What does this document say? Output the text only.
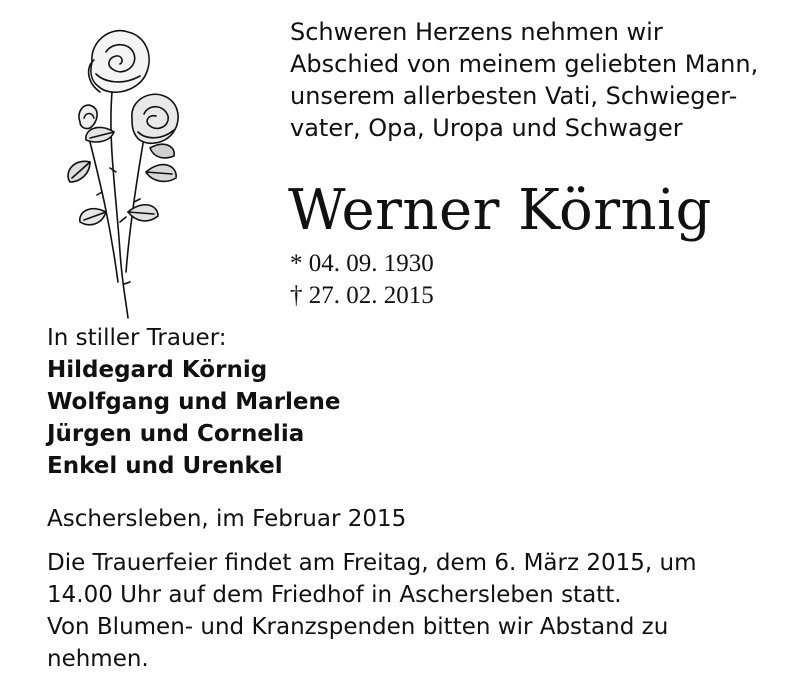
Schweren Herzens nehmen wir
Abschied von meinem geliebten Mann,
unserem allerbesten Vati, Schwieger-
vater, Opa, Uropa und Schwager
Werner Körnig
* 04. 09. 1930
† 27. 02. 2015
In stiller Trauer:
Hildegard Körnig
Wolfgang und Marlene
Jürgen und Cornelia
Enkel und Urenkel
Aschersleben, im Februar 2015
Die Trauerfeier findet am Freitag, dem 6. März 2015, um
14.00 Uhr auf dem Friedhof in Aschersleben statt.
Von Blumen- und Kranzspenden bitten wir Abstand zu
nehmen.
